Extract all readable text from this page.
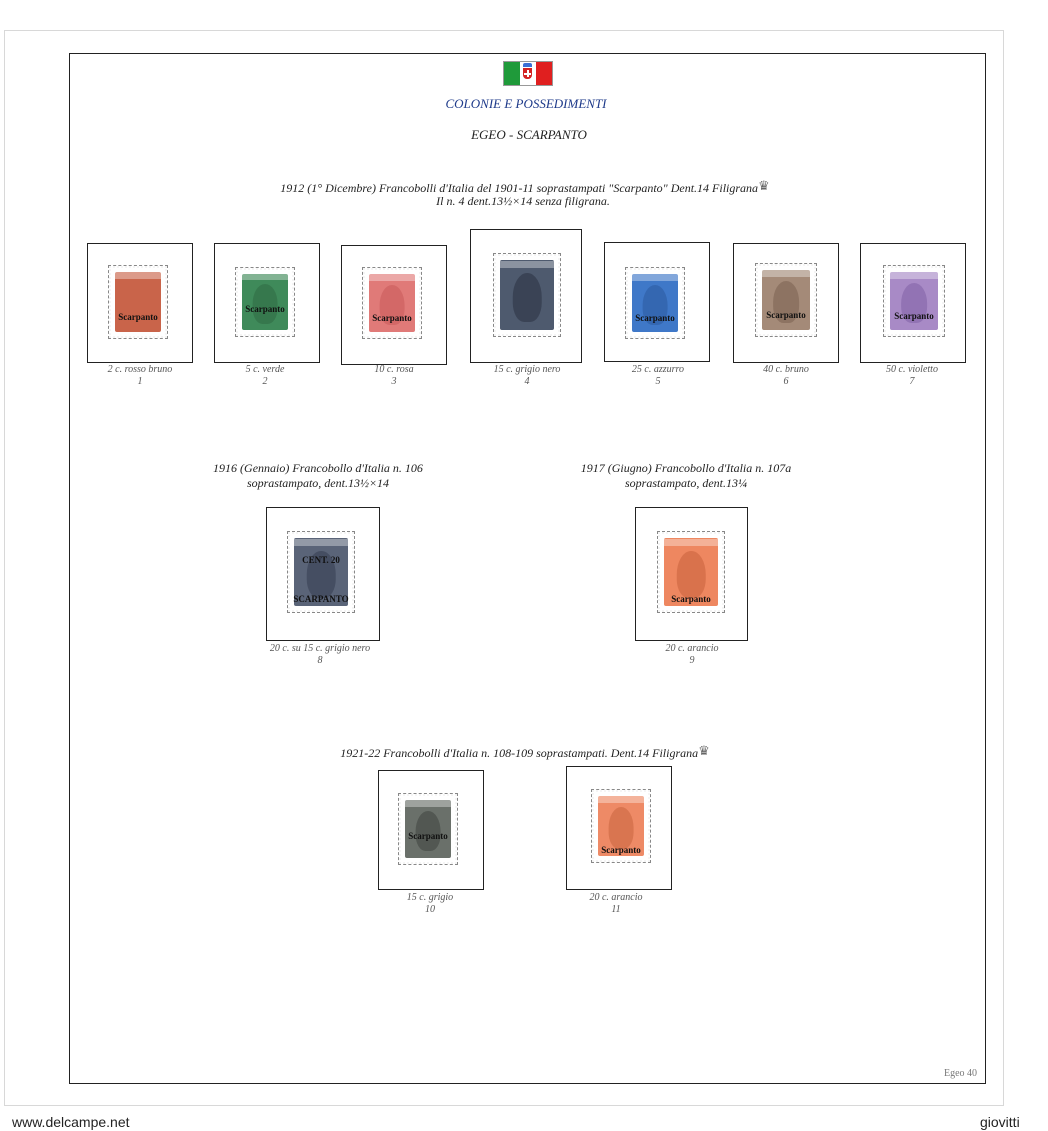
COLONIE E POSSEDIMENTI
EGEO - SCARPANTO
1912 (1° Dicembre) Francobolli d'Italia del 1901-11 soprastampati "Scarpanto" Dent.14 Filigrana♛
Il n. 4 dent.13½×14 senza filigrana.
Scarpanto
Scarpanto
Scarpanto	Scarpanto	Scarpanto	Scarpanto
2 c. rosso bruno
1
5 c. verde
2
10 c. rosa
3
15 c. grigio nero
4
25 c. azzurro
5
40 c. bruno
6
50 c. violetto
7
1916 (Gennaio) Francobollo d'Italia n. 106
soprastampato, dent.13½×14
1917 (Giugno) Francobollo d'Italia n. 107a
soprastampato, dent.13¼
CENT. 20
SCARPANTO	Scarpanto
20 c. su 15 c. grigio nero
8
20 c. arancio
9
1921-22 Francobolli d'Italia n. 108-109 soprastampati. Dent.14 Filigrana♛
Scarpanto
Scarpanto
15 c. grigio
10
20 c. arancio
11
Egeo 40
www.delcampe.net	giovitti
